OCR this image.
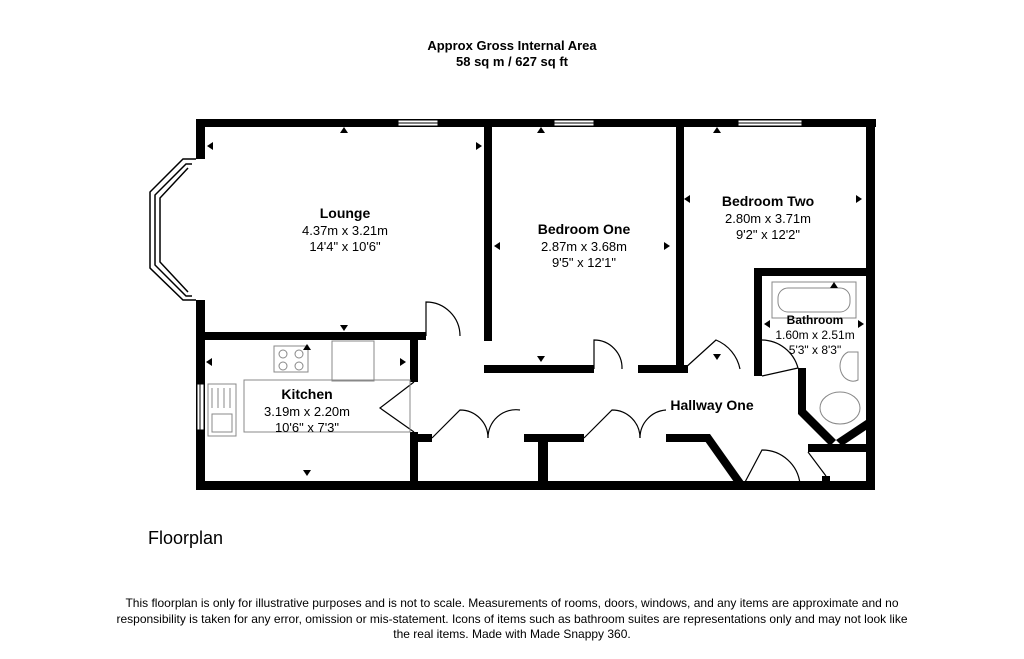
Approx Gross Internal Area
58 sq m / 627 sq ft
Lounge
4.37m x 3.21m
14'4" x 10'6"
Bedroom One
2.87m x 3.68m
9'5" x 12'1"
Bedroom Two
2.80m x 3.71m
9'2" x 12'2"
Bathroom
1.60m x 2.51m
5'3" x 8'3"
Kitchen
3.19m x 2.20m
10'6" x 7'3"
Hallway One
Floorplan
This floorplan is only for illustrative purposes and is not to scale. Measurements of rooms, doors, windows, and any items are approximate and no responsibility is taken for any error, omission or mis-statement. Icons of items such as bathroom suites are representations only and may not look like the real items. Made with Made Snappy 360.
